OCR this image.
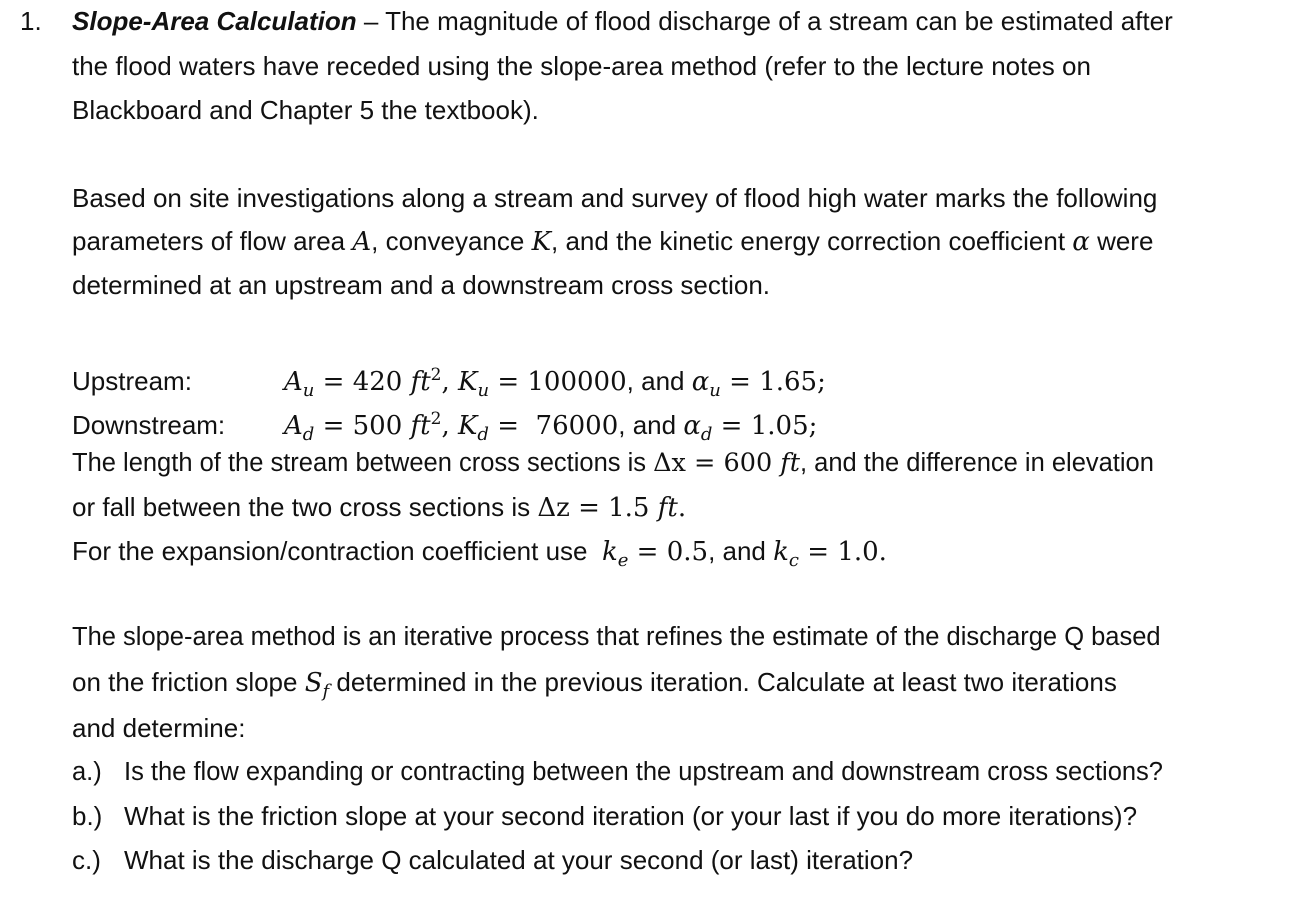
1. Slope-Area Calculation – The magnitude of flood discharge of a stream can be estimated after
the flood waters have receded using the slope-area method (refer to the lecture notes on
Blackboard and Chapter 5 the textbook).
Based on site investigations along a stream and survey of flood high water marks the following
parameters of flow area A, conveyance K, and the kinetic energy correction coefficient α were
determined at an upstream and a downstream cross section.
Upstream:	$A_u = 420$ $ft^2$, $K_u = 100000$, and $\alpha_u = 1.65$;
Downstream: $A_d = 500$ $ft^2$, $K_d = 76000$, and $\alpha_d = 1.05$;
The length of the stream between cross sections is Δx = 600 ft, and the difference in elevation
or fall between the two cross sections is Δz = 1.5 ft.
For the expansion/contraction coefficient use  $k_e = 0.5$, and $k_c = 1.0$.
The slope-area method is an iterative process that refines the estimate of the discharge Q based
on the friction slope $S_f$ determined in the previous iteration. Calculate at least two iterations
and determine:
a.) Is the flow expanding or contracting between the upstream and downstream cross sections?
b.) What is the friction slope at your second iteration (or your last if you do more iterations)?
c.) What is the discharge Q calculated at your second (or last) iteration?
